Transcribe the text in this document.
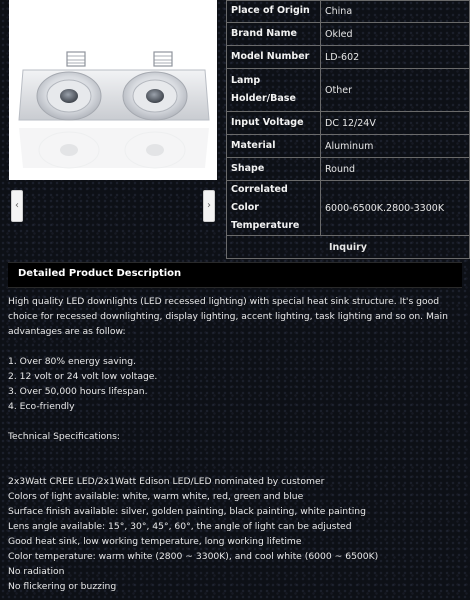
‹	›
Place of Origin	China
Brand Name	Okled
Model Number	LD-602
Lamp Holder/Base	Other
Input Voltage	DC 12/24V
Material	Aluminum
Shape	Round
Correlated Color Temperature	6000-6500K.2800-3300K
Inquiry	
Detailed Product Description

High quality LED downlights (LED recessed lighting) with special heat sink structure. It's good choice for recessed downlighting, display lighting, accent lighting, task lighting and so on. Main advantages are as follow:

1. Over 80% energy saving.

2. 12 volt or 24 volt low voltage.

3. Over 50,000 hours lifespan.

4. Eco-friendly

Technical Specifications:

2x3Watt CREE LED/2x1Watt Edison LED/LED nominated by customer

Colors of light available: white, warm white, red, green and blue

Surface finish available: silver, golden painting, black painting, white painting

Lens angle available: 15°, 30°, 45°, 60°, the angle of light can be adjusted

Good heat sink, low working temperature, long working lifetime

Color temperature: warm white (2800 ~ 3300K), and cool white (6000 ~ 6500K)

No radiation

No flickering or buzzing
